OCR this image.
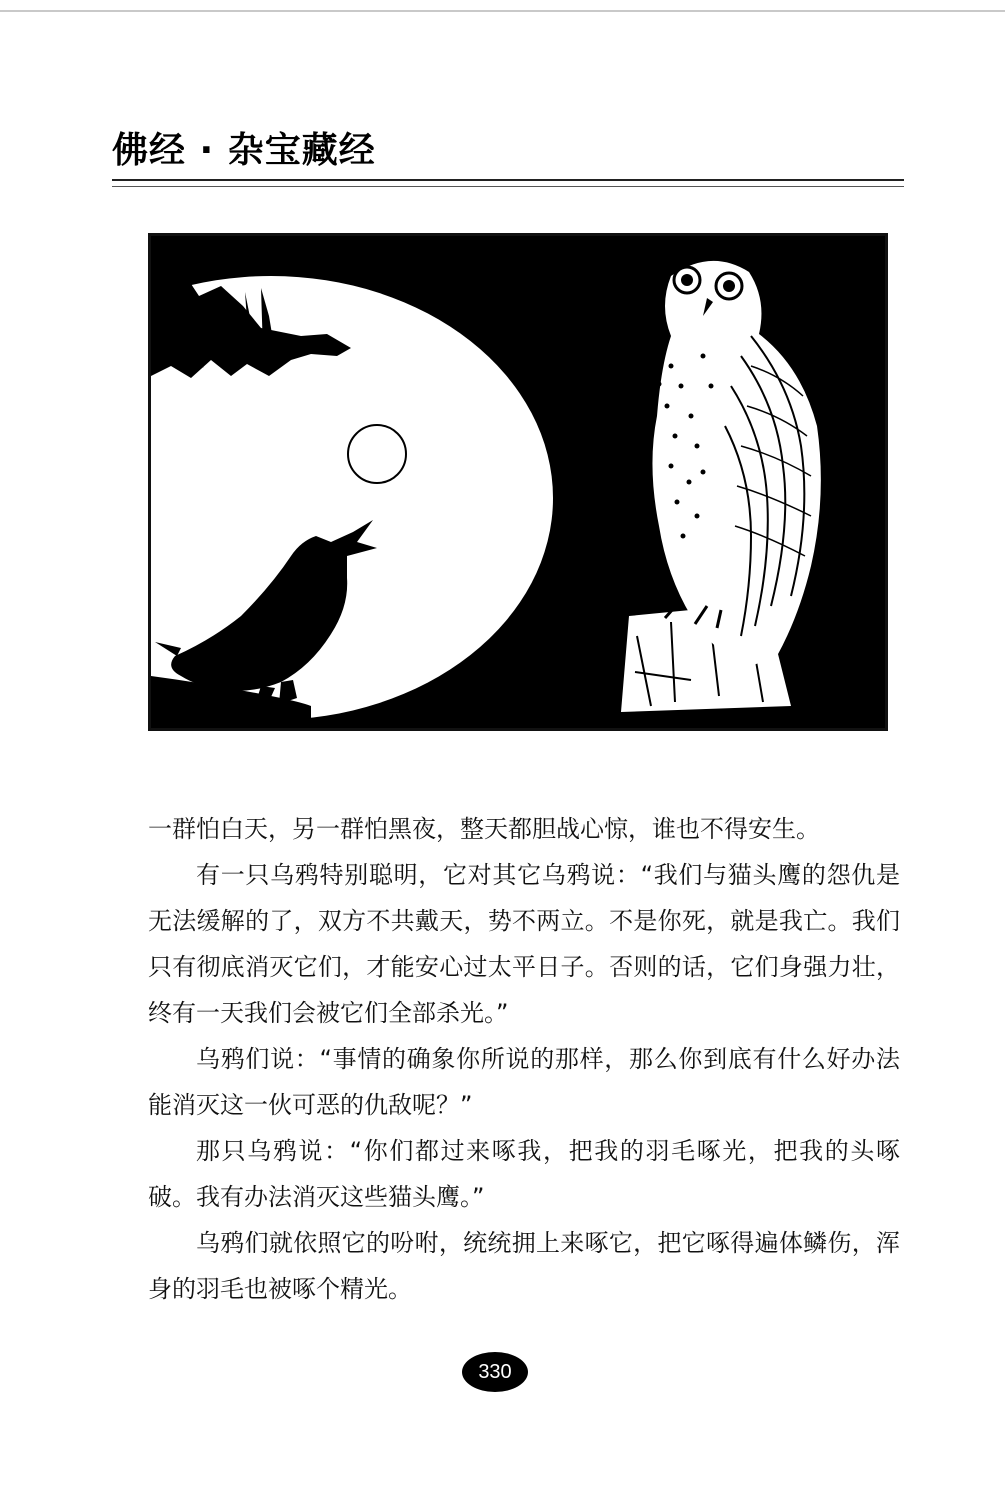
佛经 · 杂宝藏经

一群怕白天，另一群怕黑夜，整天都胆战心惊，谁也不得安生。

有一只乌鸦特别聪明，它对其它乌鸦说：“我们与猫头鹰的怨仇是无法缓解的了，双方不共戴天，势不两立。不是你死，就是我亡。我们只有彻底消灭它们，才能安心过太平日子。否则的话，它们身强力壮，终有一天我们会被它们全部杀光。”

乌鸦们说：“事情的确象你所说的那样，那么你到底有什么好办法能消灭这一伙可恶的仇敌呢？”

那只乌鸦说：“你们都过来啄我，把我的羽毛啄光，把我的头啄破。我有办法消灭这些猫头鹰。”

乌鸦们就依照它的吩咐，统统拥上来啄它，把它啄得遍体鳞伤，浑身的羽毛也被啄个精光。

330
